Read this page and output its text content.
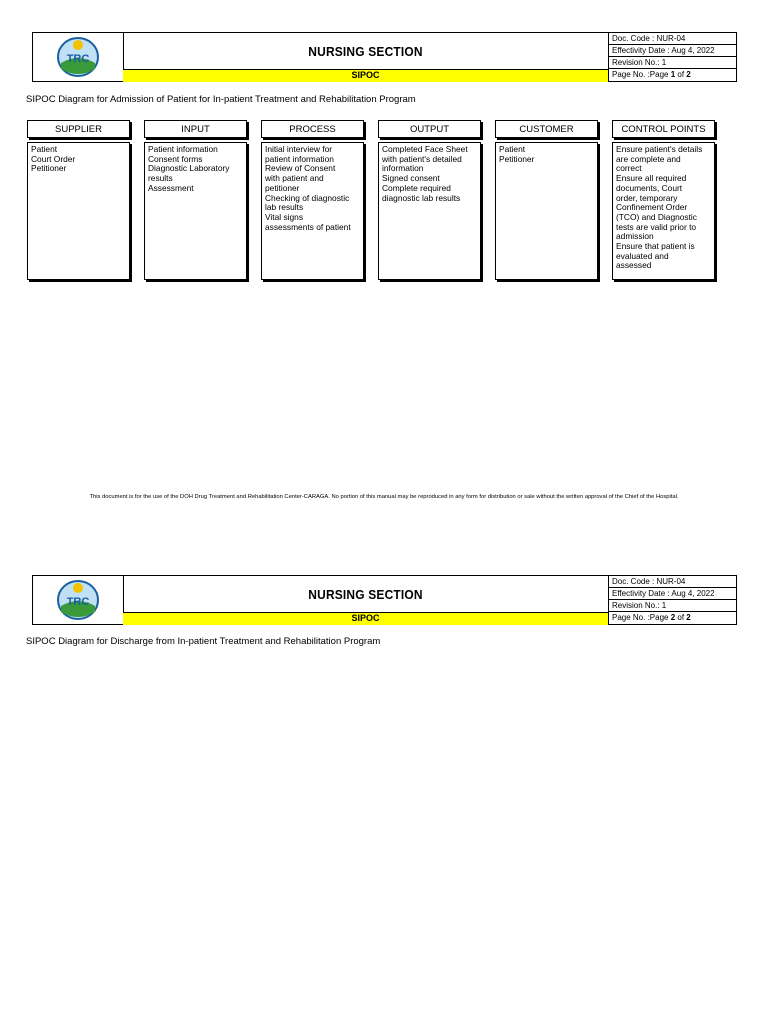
TRC
NURSING SECTION
SIPOC
Doc. Code : NUR-04
Effectivity Date : Aug 4, 2022
Revision No.: 1
Page No. :Page 1 of 2
SIPOC Diagram for Admission of Patient for In-patient Treatment and Rehabilitation Program
SUPPLIER
Patient
Court Order
Petitioner
INPUT
Patient information
Consent forms
Diagnostic Laboratory
results
Assessment
PROCESS
Initial interview for
patient information
Review of Consent
with patient and
petitioner
Checking of diagnostic
lab results
Vital signs
assessments of patient
OUTPUT
Completed Face Sheet
with patient's detailed
information
Signed consent
Complete required
diagnostic lab results
CUSTOMER
Patient
Petitioner
CONTROL POINTS
Ensure patient's details
are complete and
correct
Ensure all required
documents, Court
order, temporary
Confinement Order
(TCO) and Diagnostic
tests are valid prior to
admission
Ensure that patient is
evaluated and
assessed
This document is for the use of the DOH Drug Treatment and Rehabilitation Center-CARAGA. No portion of this manual may be reproduced in any form for distribution or sale without the written approval of the Chief of the Hospital.
TRC
NURSING SECTION
SIPOC
Doc. Code : NUR-04
Effectivity Date : Aug 4, 2022
Revision No.: 1
Page No. :Page 2 of 2
SIPOC Diagram for Discharge from In-patient Treatment and Rehabilitation Program
